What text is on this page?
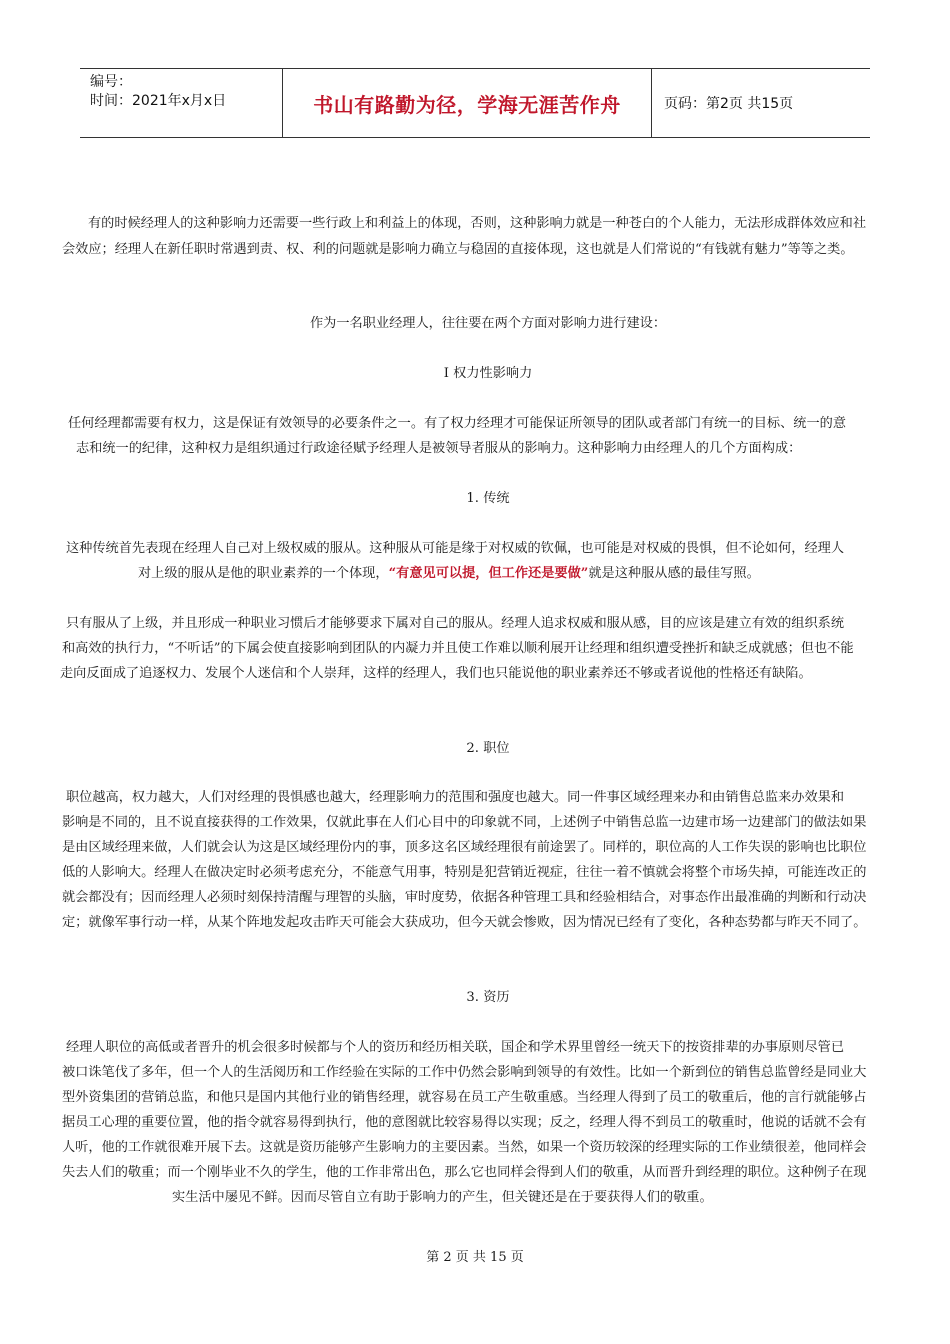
编号：
时间：2021年x月x日	书山有路勤为径，学海无涯苦作舟	页码：第2页 共15页

有的时候经理人的这种影响力还需要一些行政上和利益上的体现，否则，这种影响力就是一种苍白的个人能力，无法形成群体效应和社

会效应；经理人在新任职时常遇到责、权、利的问题就是影响力确立与稳固的直接体现，这也就是人们常说的“有钱就有魅力”等等之类。

作为一名职业经理人，往往要在两个方面对影响力进行建设：

Ⅰ 权力性影响力

任何经理都需要有权力，这是保证有效领导的必要条件之一。有了权力经理才可能保证所领导的团队或者部门有统一的目标、统一的意

志和统一的纪律，这种权力是组织通过行政途径赋予经理人是被领导者服从的影响力。这种影响力由经理人的几个方面构成：

1. 传统

这种传统首先表现在经理人自己对上级权威的服从。这种服从可能是缘于对权威的钦佩，也可能是对权威的畏惧，但不论如何，经理人

对上级的服从是他的职业素养的一个体现，“有意见可以提，但工作还是要做”就是这种服从感的最佳写照。

只有服从了上级，并且形成一种职业习惯后才能够要求下属对自己的服从。经理人追求权威和服从感，目的应该是建立有效的组织系统

和高效的执行力，“不听话”的下属会使直接影响到团队的内凝力并且使工作难以顺利展开让经理和组织遭受挫折和缺乏成就感；但也不能

走向反面成了追逐权力、发展个人迷信和个人崇拜，这样的经理人，我们也只能说他的职业素养还不够或者说他的性格还有缺陷。

2. 职位

职位越高，权力越大，人们对经理的畏惧感也越大，经理影响力的范围和强度也越大。同一件事区域经理来办和由销售总监来办效果和

影响是不同的，且不说直接获得的工作效果，仅就此事在人们心目中的印象就不同，上述例子中销售总监一边建市场一边建部门的做法如果

是由区域经理来做，人们就会认为这是区域经理份内的事，顶多这名区域经理很有前途罢了。同样的，职位高的人工作失误的影响也比职位

低的人影响大。经理人在做决定时必须考虑充分，不能意气用事，特别是犯营销近视症，往往一着不慎就会将整个市场失掉，可能连改正的

就会都没有；因而经理人必须时刻保持清醒与理智的头脑，审时度势，依据各种管理工具和经验相结合，对事态作出最准确的判断和行动决

定；就像军事行动一样，从某个阵地发起攻击昨天可能会大获成功，但今天就会惨败，因为情况已经有了变化，各种态势都与昨天不同了。

3. 资历

经理人职位的高低或者晋升的机会很多时候都与个人的资历和经历相关联，国企和学术界里曾经一统天下的按资排辈的办事原则尽管已

被口诛笔伐了多年，但一个人的生活阅历和工作经验在实际的工作中仍然会影响到领导的有效性。比如一个新到位的销售总监曾经是同业大

型外资集团的营销总监，和他只是国内其他行业的销售经理，就容易在员工产生敬重感。当经理人得到了员工的敬重后，他的言行就能够占

据员工心理的重要位置，他的指令就容易得到执行，他的意图就比较容易得以实现；反之，经理人得不到员工的敬重时，他说的话就不会有

人听，他的工作就很难开展下去。这就是资历能够产生影响力的主要因素。当然，如果一个资历较深的经理实际的工作业绩很差，他同样会

失去人们的敬重；而一个刚毕业不久的学生，他的工作非常出色，那么它也同样会得到人们的敬重，从而晋升到经理的职位。这种例子在现

实生活中屡见不鲜。因而尽管自立有助于影响力的产生，但关键还是在于要获得人们的敬重。

第 2 页 共 15 页
